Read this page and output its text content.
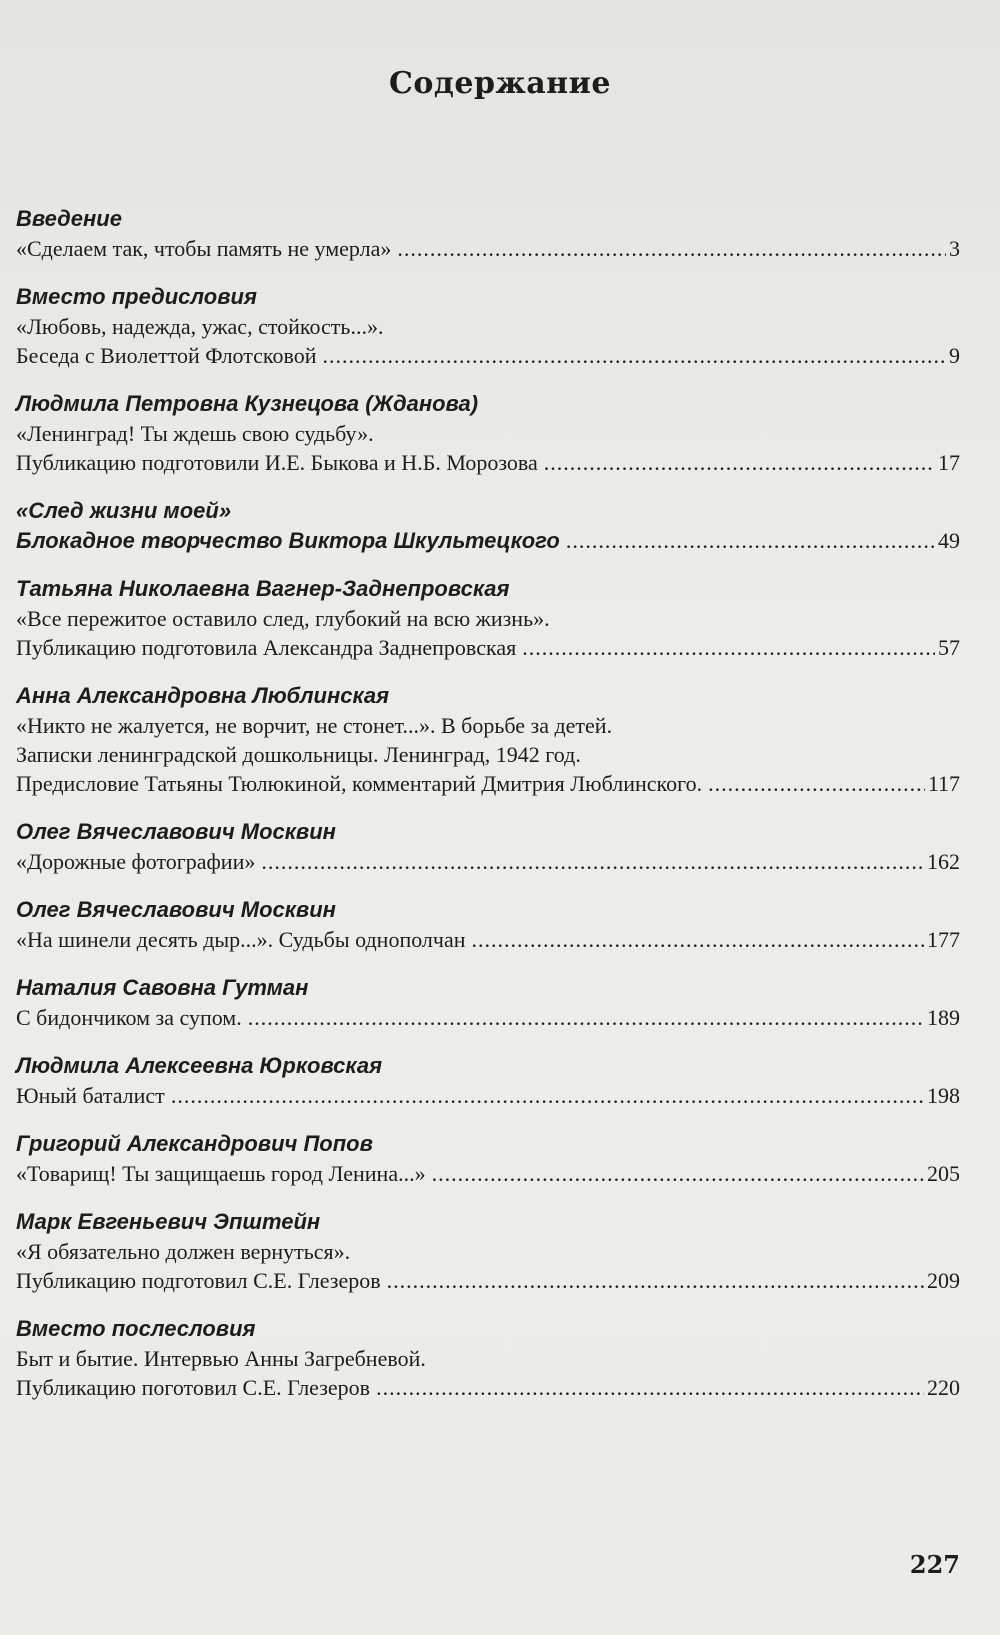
Содержание
Введение
«Сделаем так, чтобы память не умерла» .....	3
Вместо предисловия
«Любовь, надежда, ужас, стойкость...».
Беседа с Виолеттой Флотсковой .....	9
Людмила Петровна Кузнецова (Жданова)
«Ленинград! Ты ждешь свою судьбу».
Публикацию подготовили И.Е. Быкова и Н.Б. Морозова .....	17
«След жизни моей»
Блокадное творчество Виктора Шкультецкого .....	49
Татьяна Николаевна Вагнер-Заднепровская
«Все пережитое оставило след, глубокий на всю жизнь».
Публикацию подготовила Александра Заднепровская .....	57
Анна Александровна Люблинская
«Никто не жалуется, не ворчит, не стонет...». В борьбе за детей.
Записки ленинградской дошкольницы. Ленинград, 1942 год.
Предисловие Татьяны Тюлюкиной, комментарий Дмитрия Люблинского. .....	117
Олег Вячеславович Москвин
«Дорожные фотографии» .....	162
Олег Вячеславович Москвин
«На шинели десять дыр...». Судьбы однополчан .....	177
Наталия Савовна Гутман
С бидончиком за супом. .....	189
Людмила Алексеевна Юрковская
Юный баталист .....	198
Григорий Александрович Попов
«Товарищ! Ты защищаешь город Ленина...» .....	205
Марк Евгеньевич Эпштейн
«Я обязательно должен вернуться».
Публикацию подготовил С.Е. Глезеров .....	209
Вместо послесловия
Быт и бытие. Интервью Анны Загребневой.
Публикацию поготовил С.Е. Глезеров .....	220
227
